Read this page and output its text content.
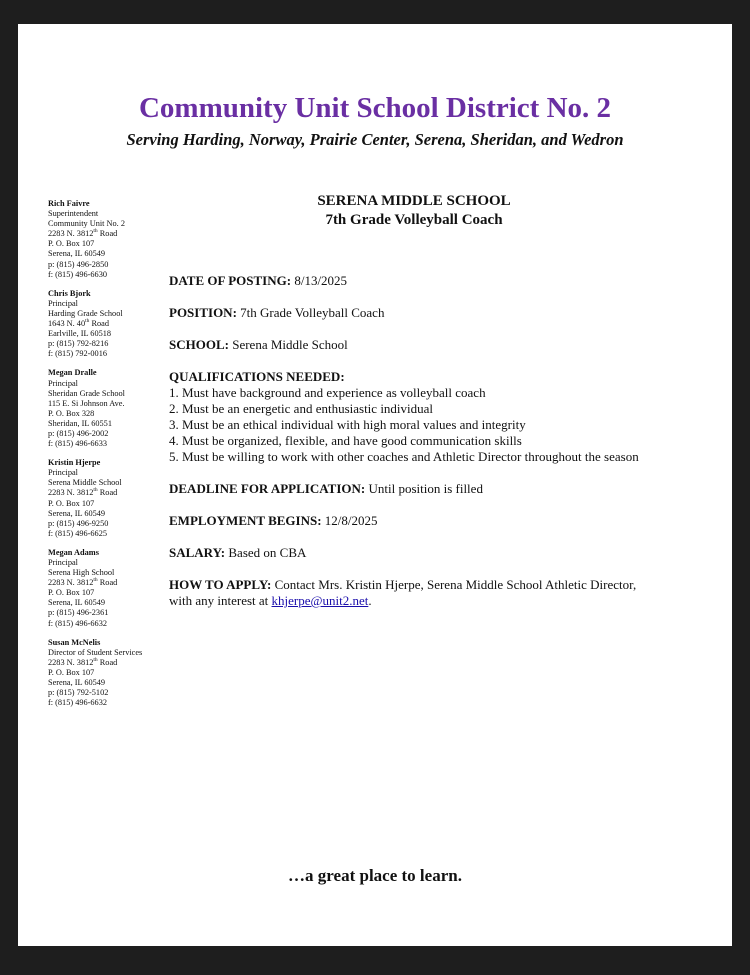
Community Unit School District No. 2

Serving Harding, Norway, Prairie Center, Serena, Sheridan, and Wedron

Rich Faivre
Superintendent
Community Unit No. 2
2283 N. 3812th Road
P. O. Box 107
Serena, IL 60549
p: (815) 496-2850
f: (815) 496-6630
Chris Bjork
Principal
Harding Grade School
1643 N. 40th Road
Earlville, IL 60518
p: (815) 792-8216
f: (815) 792-0016
Megan Dralle
Principal
Sheridan Grade School
115 E. Si Johnson Ave.
P. O. Box 328
Sheridan, IL 60551
p: (815) 496-2002
f: (815) 496-6633
Kristin Hjerpe
Principal
Serena Middle School
2283 N. 3812th Road
P. O. Box 107
Serena, IL 60549
p: (815) 496-9250
f: (815) 496-6625
Megan Adams
Principal
Serena High School
2283 N. 3812th Road
P. O. Box 107
Serena, IL 60549
p: (815) 496-2361
f: (815) 496-6632
Susan McNelis
Director of Student Services
2283 N. 3812th Road
P. O. Box 107
Serena, IL 60549
p: (815) 792-5102
f: (815) 496-6632
SERENA MIDDLE SCHOOL
7th Grade Volleyball Coach
DATE OF POSTING: 8/13/2025
POSITION: 7th Grade Volleyball Coach
SCHOOL: Serena Middle School
QUALIFICATIONS NEEDED:
1. Must have background and experience as volleyball coach
2. Must be an energetic and enthusiastic individual
3. Must be an ethical individual with high moral values and integrity
4. Must be organized, flexible, and have good communication skills
5. Must be willing to work with other coaches and Athletic Director throughout the season
DEADLINE FOR APPLICATION: Until position is filled
EMPLOYMENT BEGINS: 12/8/2025
SALARY: Based on CBA
HOW TO APPLY: Contact Mrs. Kristin Hjerpe, Serena Middle School Athletic Director, with any interest at khjerpe@unit2.net.
…a great place to learn.
